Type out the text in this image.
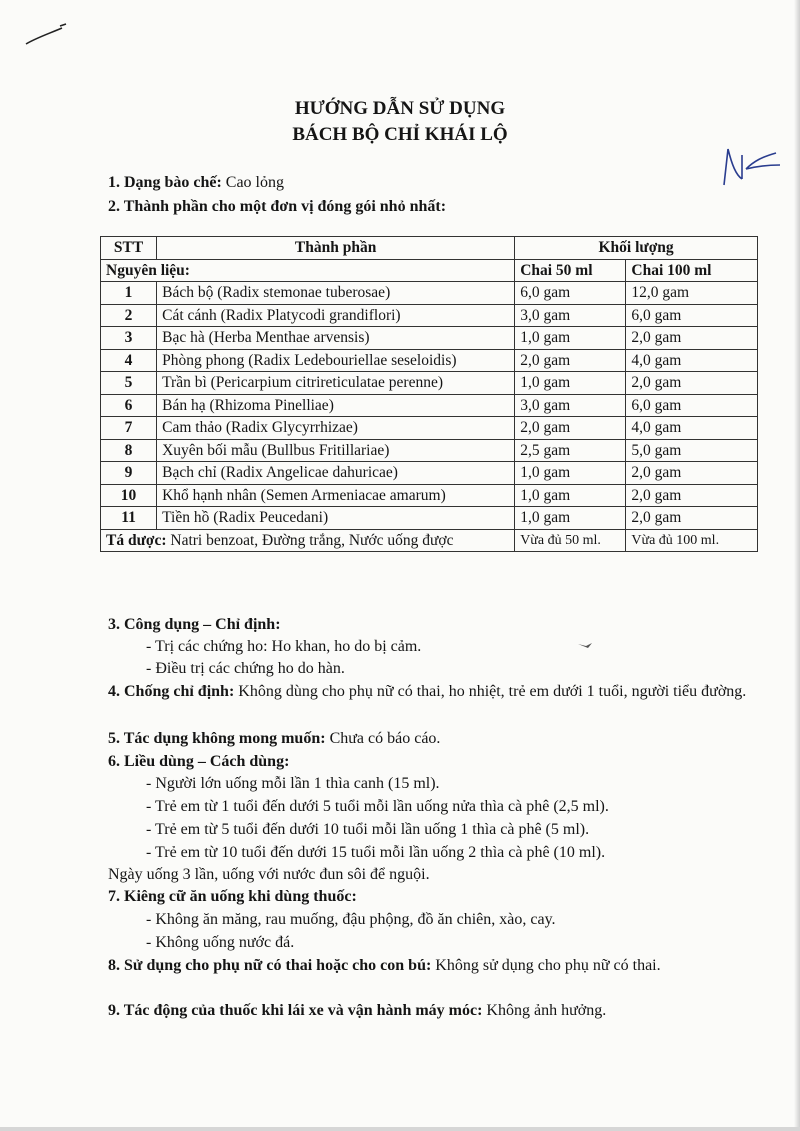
HƯỚNG DẪN SỬ DỤNG
BÁCH BỘ CHỈ KHÁI LỘ
1. Dạng bào chế: Cao lỏng
2. Thành phần cho một đơn vị đóng gói nhỏ nhất:
STT	Thành phần	Khối lượng	
Nguyên liệu:		Chai 50 ml	Chai 100 ml
1	Bách bộ (Radix stemonae tuberosae)	6,0 gam	12,0 gam
2	Cát cánh (Radix Platycodi grandiflori)	3,0 gam	6,0 gam
3	Bạc hà (Herba Menthae arvensis)	1,0 gam	2,0 gam
4	Phòng phong (Radix Ledebouriellae seseloidis)	2,0 gam	4,0 gam
5	Trần bì (Pericarpium citrireticulatae perenne)	1,0 gam	2,0 gam
6	Bán hạ (Rhizoma Pinelliae)	3,0 gam	6,0 gam
7	Cam thảo (Radix Glycyrrhizae)	2,0 gam	4,0 gam
8	Xuyên bối mẫu (Bullbus Fritillariae)	2,5 gam	5,0 gam
9	Bạch chỉ (Radix Angelicae dahuricae)	1,0 gam	2,0 gam
10	Khổ hạnh nhân (Semen Armeniacae amarum)	1,0 gam	2,0 gam
11	Tiền hồ (Radix Peucedani)	1,0 gam	2,0 gam
Tá dược: Natri benzoat, Đường trắng, Nước uống được		Vừa đủ 50 ml.	Vừa đủ 100 ml.
3. Công dụng – Chỉ định:
- Trị các chứng ho: Ho khan, ho do bị cảm.
- Điều trị các chứng ho do hàn.
4. Chống chỉ định: Không dùng cho phụ nữ có thai, ho nhiệt, trẻ em dưới 1 tuổi, người tiểu đường.
5. Tác dụng không mong muốn: Chưa có báo cáo.
6. Liều dùng – Cách dùng:
- Người lớn uống mỗi lần 1 thìa canh (15 ml).
- Trẻ em từ 1 tuổi đến dưới 5 tuổi mỗi lần uống nửa thìa cà phê (2,5 ml).
- Trẻ em từ 5 tuổi đến dưới 10 tuổi mỗi lần uống 1 thìa cà phê (5 ml).
- Trẻ em từ 10 tuổi đến dưới 15 tuổi mỗi lần uống 2 thìa cà phê (10 ml).
Ngày uống 3 lần, uống với nước đun sôi để nguội.
7. Kiêng cữ ăn uống khi dùng thuốc:
- Không ăn măng, rau muống, đậu phộng, đồ ăn chiên, xào, cay.
- Không uống nước đá.
8. Sử dụng cho phụ nữ có thai hoặc cho con bú: Không sử dụng cho phụ nữ có thai.
9. Tác động của thuốc khi lái xe và vận hành máy móc: Không ảnh hưởng.
